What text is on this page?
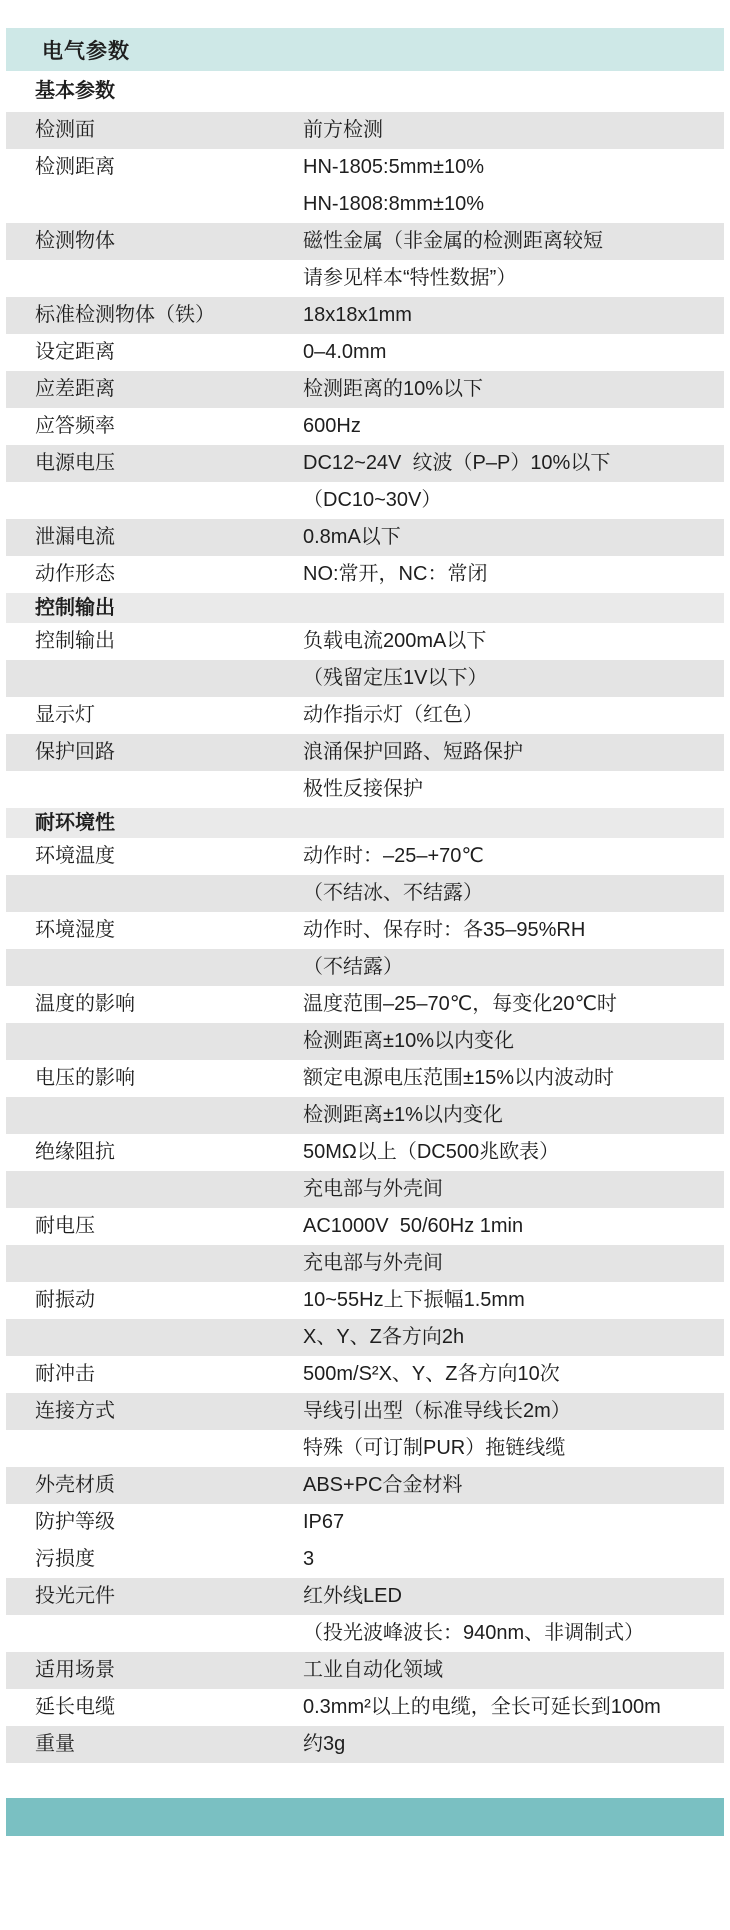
电气参数
基本参数
检测面	前方检测
检测距离	HN-1805:5mm±10%
HN-1808:8mm±10%
检测物体	磁性金属（非金属的检测距离较短
请参见样本“特性数据”）
标准检测物体（铁）	18x18x1mm
设定距离	0–4.0mm
应差距离	检测距离的10%以下
应答频率	600Hz
电源电压	DC12~24V  纹波（P–P）10%以下
（DC10~30V）
泄漏电流	0.8mA以下
动作形态	NO:常开，NC：常闭
控制输出
控制输出	负载电流200mA以下
（残留定压1V以下）
显示灯	动作指示灯（红色）
保护回路	浪涌保护回路、短路保护
极性反接保护
耐环境性
环境温度	动作时：–25–+70℃
（不结冰、不结露）
环境湿度	动作时、保存时：各35–95%RH
（不结露）
温度的影响	温度范围–25–70℃，每变化20℃时
检测距离±10%以内变化
电压的影响	额定电源电压范围±15%以内波动时
检测距离±1%以内变化
绝缘阻抗	50MΩ以上（DC500兆欧表）
充电部与外壳间
耐电压	AC1000V  50/60Hz 1min
充电部与外壳间
耐振动	10~55Hz上下振幅1.5mm
X、Y、Z各方向2h
耐冲击	500m/S²X、Y、Z各方向10次
连接方式	导线引出型（标准导线长2m）
特殊（可订制PUR）拖链线缆
外壳材质	ABS+PC合金材料
防护等级	IP67
污损度	3
投光元件	红外线LED
（投光波峰波长：940nm、非调制式）
适用场景	工业自动化领域
延长电缆	0.3mm²以上的电缆，全长可延长到100m
重量	约3g
